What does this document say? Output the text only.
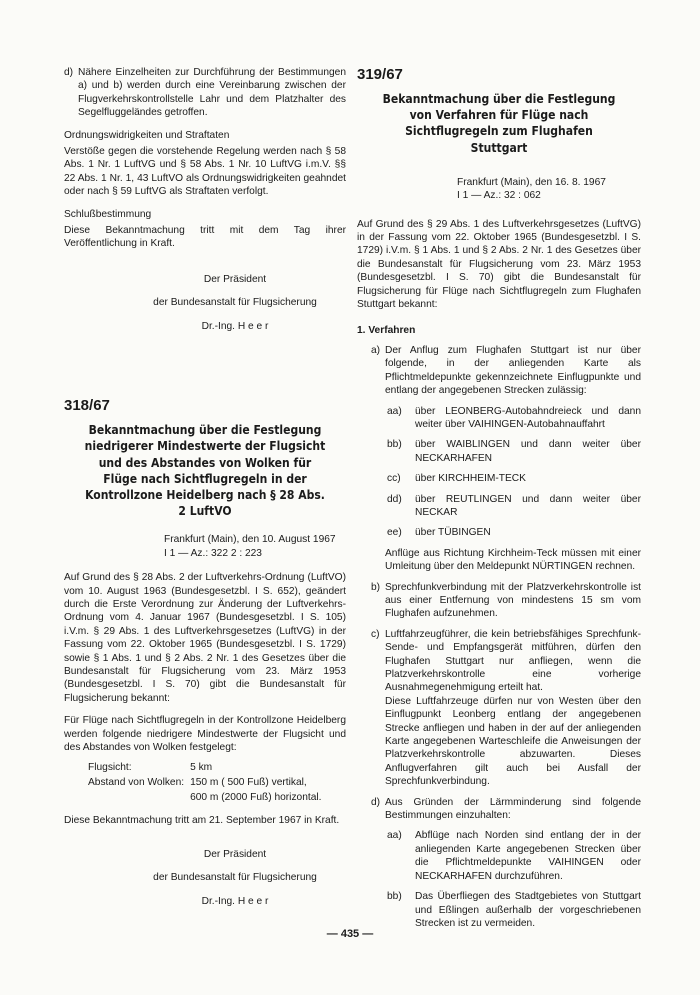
d) Nähere Einzelheiten zur Durchführung der Bestimmungen a) und b) werden durch eine Vereinbarung zwischen der Flugverkehrskontrollstelle Lahr und dem Platzhalter des Segelfluggeländes getroffen.

Ordnungswidrigkeiten und Straftaten

Verstöße gegen die vorstehende Regelung werden nach § 58 Abs. 1 Nr. 1 LuftVG und § 58 Abs. 1 Nr. 10 LuftVG i.m.V. §§ 22 Abs. 1 Nr. 1, 43 LuftVO als Ordnungswidrigkeiten geahndet oder nach § 59 LuftVG als Straftaten verfolgt.

Schlußbestimmung

Diese Bekanntmachung tritt mit dem Tag ihrer Veröffentlichung in Kraft.

Der Präsident
der Bundesanstalt für Flugsicherung
Dr.-Ing. H e e r
318/67
Bekanntmachung über die Festlegung niedrigerer Mindestwerte der Flugsicht und des Abstandes von Wolken für Flüge nach Sichtflugregeln in der Kontrollzone Heidelberg nach § 28 Abs. 2 LuftVO
Frankfurt (Main), den 10. August 1967
I 1 — Az.: 322 2 : 223

Auf Grund des § 28 Abs. 2 der Luftverkehrs-Ordnung (LuftVO) vom 10. August 1963 (Bundesgesetzbl. I S. 652), geändert durch die Erste Verordnung zur Änderung der Luftverkehrs-Ordnung vom 4. Januar 1967 (Bundesgesetzbl. I S. 105) i.V.m. § 29 Abs. 1 des Luftverkehrsgesetzes (LuftVG) in der Fassung vom 22. Oktober 1965 (Bundesgesetzbl. I S. 1729) sowie § 1 Abs. 1 und § 2 Abs. 2 Nr. 1 des Gesetzes über die Bundesanstalt für Flugsicherung vom 23. März 1953 (Bundesgesetzbl. I S. 70) gibt die Bundesanstalt für Flugsicherung bekannt:

Für Flüge nach Sichtflugregeln in der Kontrollzone Heidelberg werden folgende niedrigere Mindestwerte der Flugsicht und des Abstandes von Wolken festgelegt:

Flugsicht:	5 km
Abstand von Wolken:	150 m ( 500 Fuß) vertikal,
	600 m (2000 Fuß) horizontal.

Diese Bekanntmachung tritt am 21. September 1967 in Kraft.

Der Präsident
der Bundesanstalt für Flugsicherung
Dr.-Ing. H e e r
319/67
Bekanntmachung über die Festlegung von Verfahren für Flüge nach Sichtflugregeln zum Flughafen Stuttgart
Frankfurt (Main), den 16. 8. 1967
I 1 — Az.: 32 : 062

Auf Grund des § 29 Abs. 1 des Luftverkehrsgesetzes (LuftVG) in der Fassung vom 22. Oktober 1965 (Bundesgesetzbl. I S. 1729) i.V.m. § 1 Abs. 1 und § 2 Abs. 2 Nr. 1 des Gesetzes über die Bundesanstalt für Flugsicherung vom 23. März 1953 (Bundesgesetzbl. I S. 70) gibt die Bundesanstalt für Flugsicherung für Flüge nach Sichtflugregeln zum Flughafen Stuttgart bekannt:

1. Verfahren

a) Der Anflug zum Flughafen Stuttgart ist nur über folgende, in der anliegenden Karte als Pflichtmeldepunkte gekennzeichnete Einflugpunkte und entlang der angegebenen Strecken zulässig:
aa)	über LEONBERG-Autobahndreieck und dann weiter über VAIHINGEN-Autobahnauffahrt
bb)	über WAIBLINGEN und dann weiter über NECKARHAFEN
cc)	über KIRCHHEIM-TECK
dd)	über REUTLINGEN und dann weiter über NECKAR
ee)	über TÜBINGEN

Anflüge aus Richtung Kirchheim-Teck müssen mit einer Umleitung über den Meldepunkt NÜRTINGEN rechnen.

b) Sprechfunkverbindung mit der Platzverkehrskontrolle ist aus einer Entfernung von mindestens 15 sm vom Flughafen aufzunehmen.
c) Luftfahrzeugführer, die kein betriebsfähiges Sprechfunk-Sende- und Empfangsgerät mitführen, dürfen den Flughafen Stuttgart nur anfliegen, wenn die Platzverkehrskontrolle eine vorherige Ausnahmegenehmigung erteilt hat.
Diese Luftfahrzeuge dürfen nur von Westen über den Einflugpunkt Leonberg entlang der angegebenen Strecke anfliegen und haben in der auf der anliegenden Karte angegebenen Warteschleife die Anweisungen der Platzverkehrskontrolle abzuwarten. Dieses Anflugverfahren gilt auch bei Ausfall der Sprechfunkverbindung.
d) Aus Gründen der Lärmminderung sind folgende Bestimmungen einzuhalten:
aa)	Abflüge nach Norden sind entlang der in der anliegenden Karte angegebenen Strecken über die Pflichtmeldepunkte VAIHINGEN oder NECKARHAFEN durchzuführen.
bb)	Das Überfliegen des Stadtgebietes von Stuttgart und Eßlingen außerhalb der vorgeschriebenen Strecken ist zu vermeiden.
— 435 —
